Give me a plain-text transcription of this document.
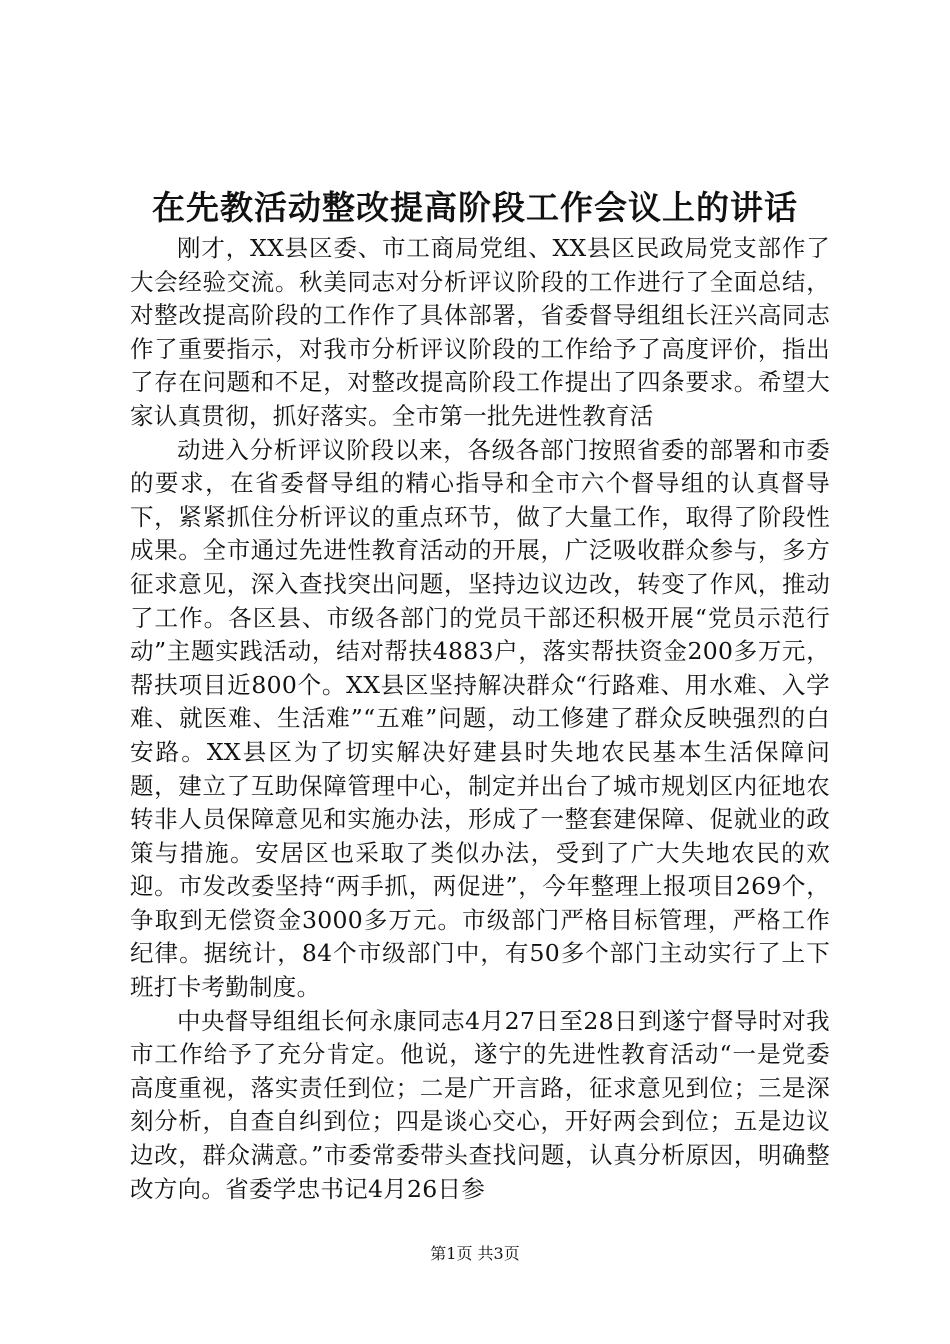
在先教活动整改提高阶段工作会议上的讲话

刚才，XX县区委、市工商局党组、XX县区民政局党支部作了大会经验交流。秋美同志对分析评议阶段的工作进行了全面总结，对整改提高阶段的工作作了具体部署，省委督导组组长汪兴高同志作了重要指示，对我市分析评议阶段的工作给予了高度评价，指出了存在问题和不足，对整改提高阶段工作提出了四条要求。希望大家认真贯彻，抓好落实。全市第一批先进性教育活

动进入分析评议阶段以来，各级各部门按照省委的部署和市委的要求，在省委督导组的精心指导和全市六个督导组的认真督导下，紧紧抓住分析评议的重点环节，做了大量工作，取得了阶段性成果。全市通过先进性教育活动的开展，广泛吸收群众参与，多方征求意见，深入查找突出问题，坚持边议边改，转变了作风，推动了工作。各区县、市级各部门的党员干部还积极开展“党员示范行动”主题实践活动，结对帮扶4883户，落实帮扶资金200多万元，帮扶项目近800个。XX县区坚持解决群众“行路难、用水难、入学难、就医难、生活难”“五难”问题，动工修建了群众反映强烈的白安路。XX县区为了切实解决好建县时失地农民基本生活保障问题，建立了互助保障管理中心，制定并出台了城市规划区内征地农转非人员保障意见和实施办法，形成了一整套建保障、促就业的政策与措施。安居区也采取了类似办法，受到了广大失地农民的欢迎。市发改委坚持“两手抓，两促进”，今年整理上报项目269个，争取到无偿资金3000多万元。市级部门严格目标管理，严格工作纪律。据统计，84个市级部门中，有50多个部门主动实行了上下班打卡考勤制度。

中央督导组组长何永康同志4月27日至28日到遂宁督导时对我市工作给予了充分肯定。他说，遂宁的先进性教育活动“一是党委高度重视，落实责任到位；二是广开言路，征求意见到位；三是深刻分析，自查自纠到位；四是谈心交心，开好两会到位；五是边议边改，群众满意。”市委常委带头查找问题，认真分析原因，明确整改方向。省委学忠书记4月26日参

第1页 共3页
